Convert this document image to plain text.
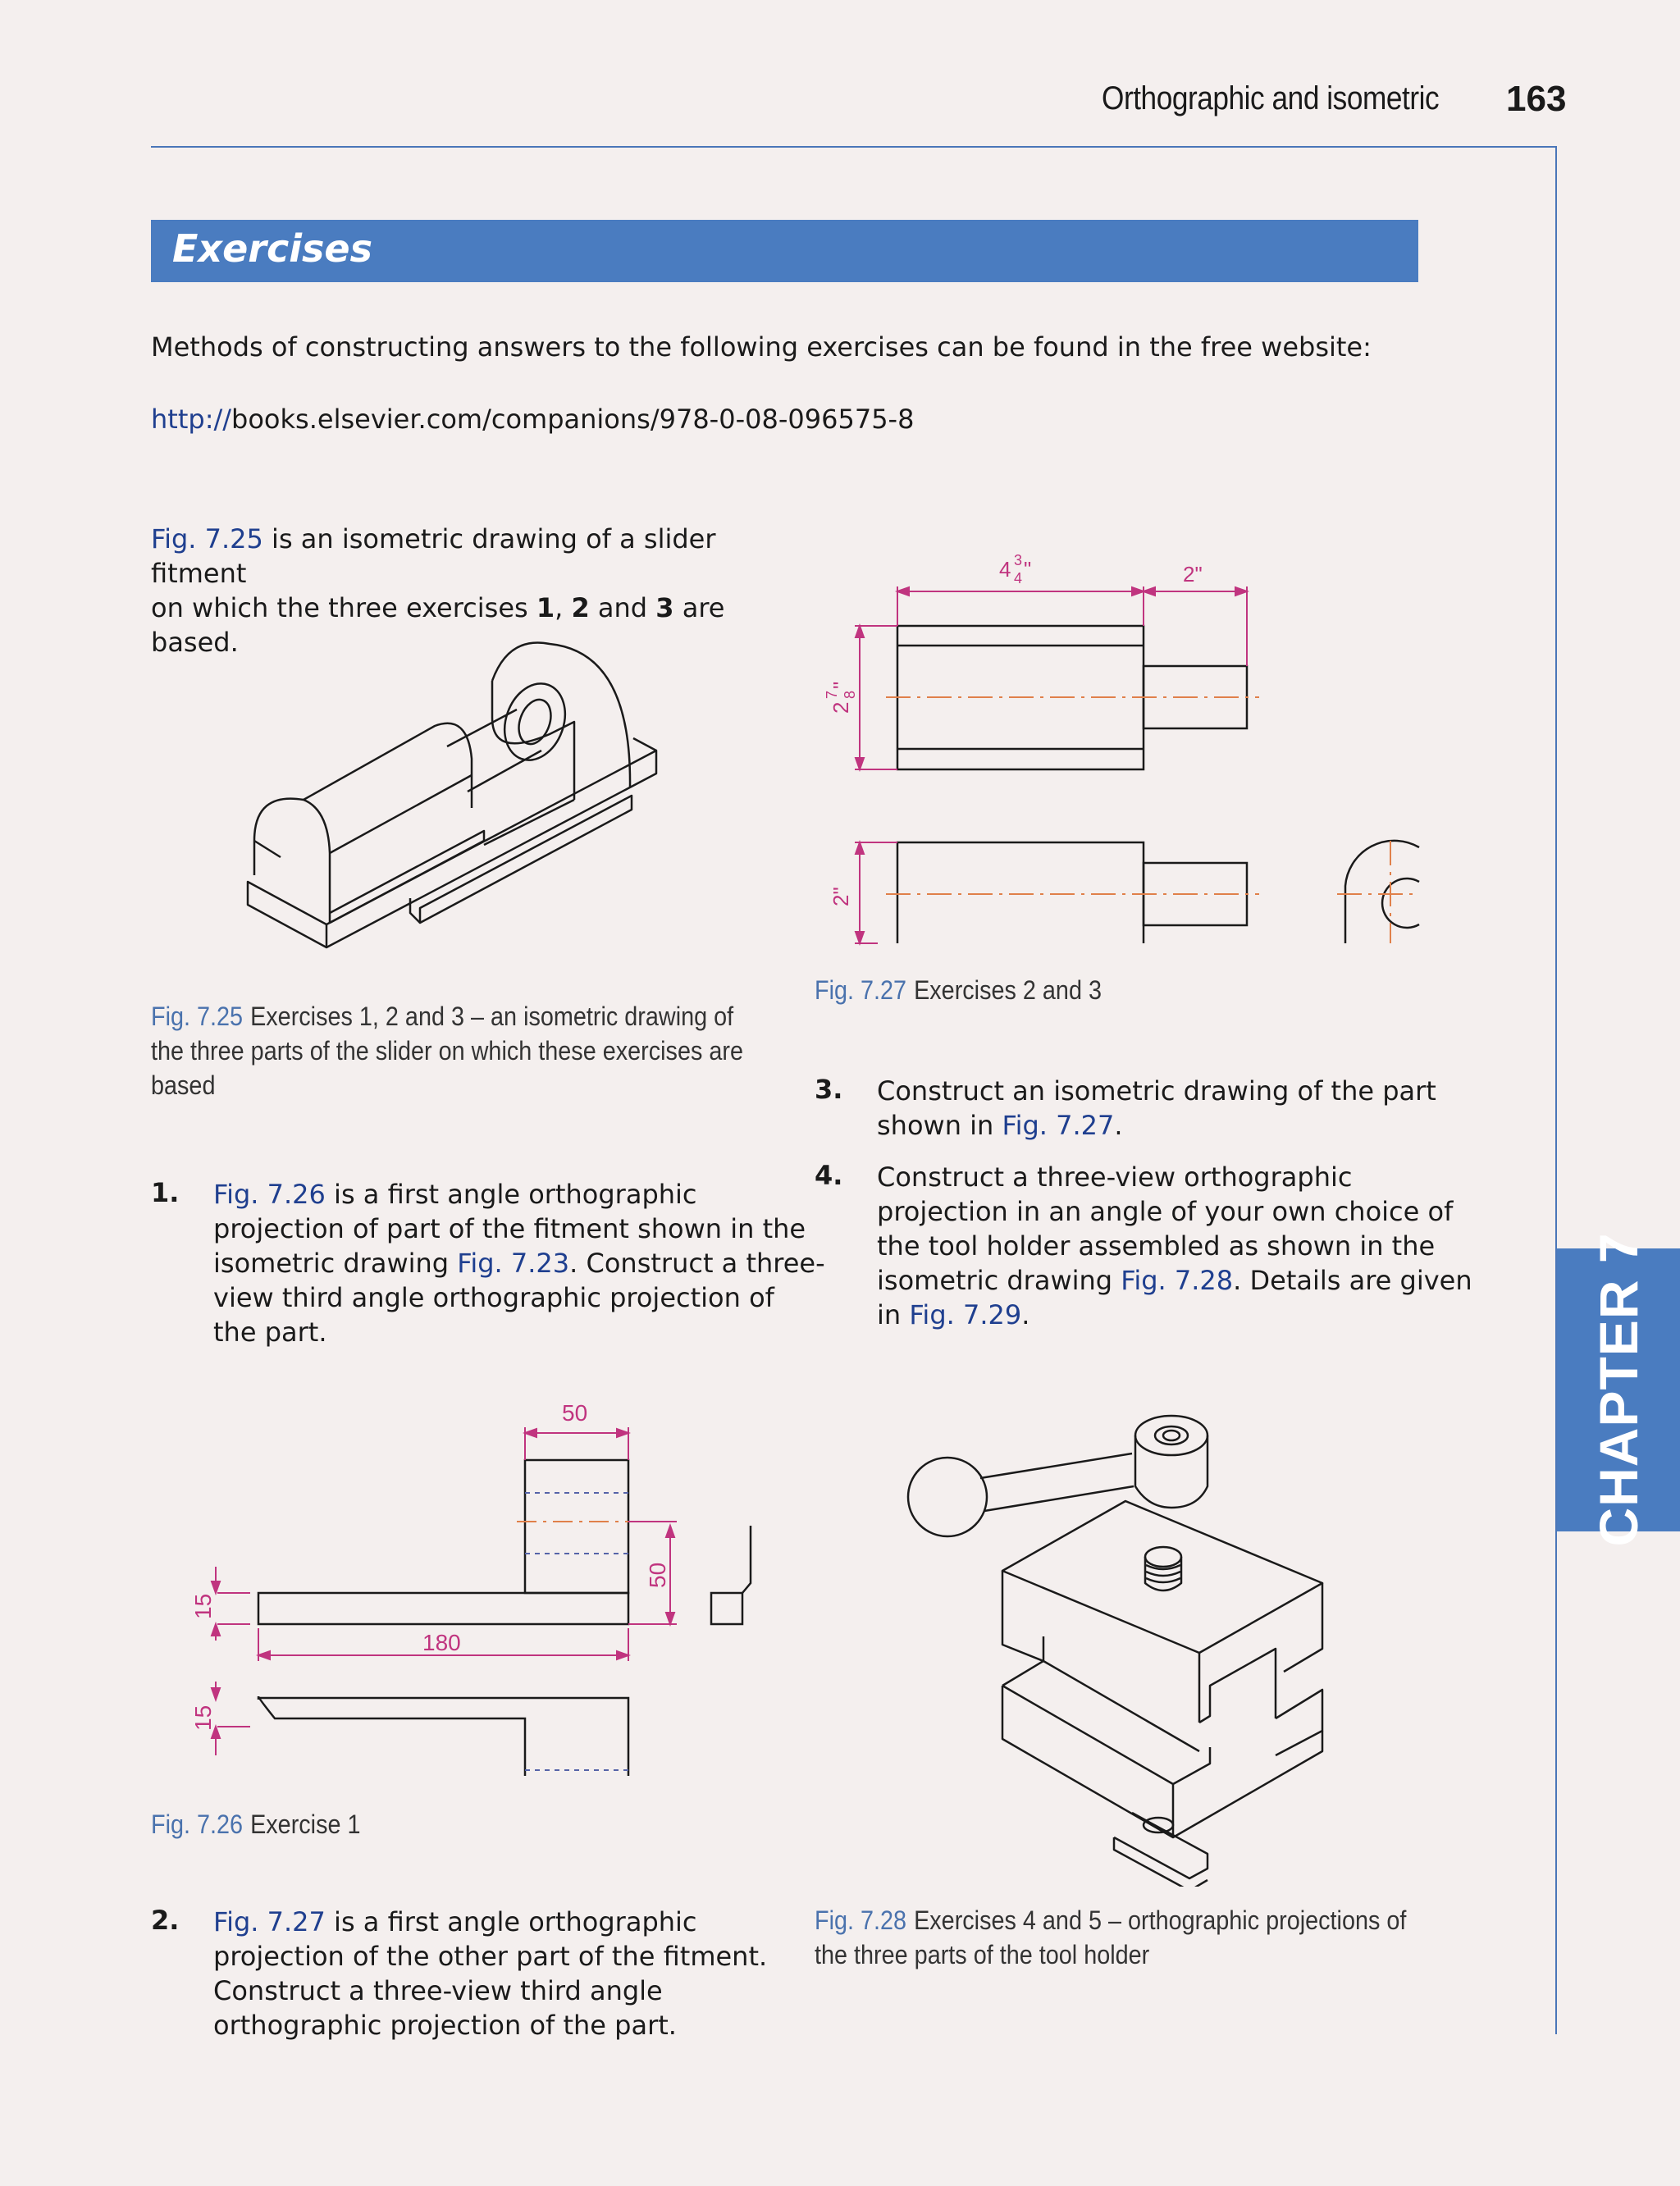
Orthographic and isometric 163
Exercises
Methods of constructing answers to the following exercises can be found in the free website:
http://books.elsevier.com/companions/978-0-08-096575-8
Fig. 7.25 is an isometric drawing of a slider fitment
on which the three exercises 1, 2 and 3 are based.
Fig. 7.25 Exercises 1, 2 and 3 – an isometric drawing of
the three parts of the slider on which these exercises are
based
4 3
4 "	2"
2
7 8
"
2"
Fig. 7.27 Exercises 2 and 3
3. Construct an isometric drawing of the part
shown in Fig. 7.27.
4. Construct a three-view orthographic
projection in an angle of your own choice of
the tool holder assembled as shown in the
isometric drawing Fig. 7.28. Details are given
in Fig. 7.29.
1. Fig. 7.26 is a first angle orthographic
projection of part of the fitment shown in the
isometric drawing Fig. 7.23. Construct a three-
view third angle orthographic projection of
the part.
50
50
180
15
15
Fig. 7.26 Exercise 1
Fig. 7.28 Exercises 4 and 5 – orthographic projections of
the three parts of the tool holder
2. Fig. 7.27 is a first angle orthographic
projection of the other part of the fitment.
Construct a three-view third angle
orthographic projection of the part.
CHAPTER 7
